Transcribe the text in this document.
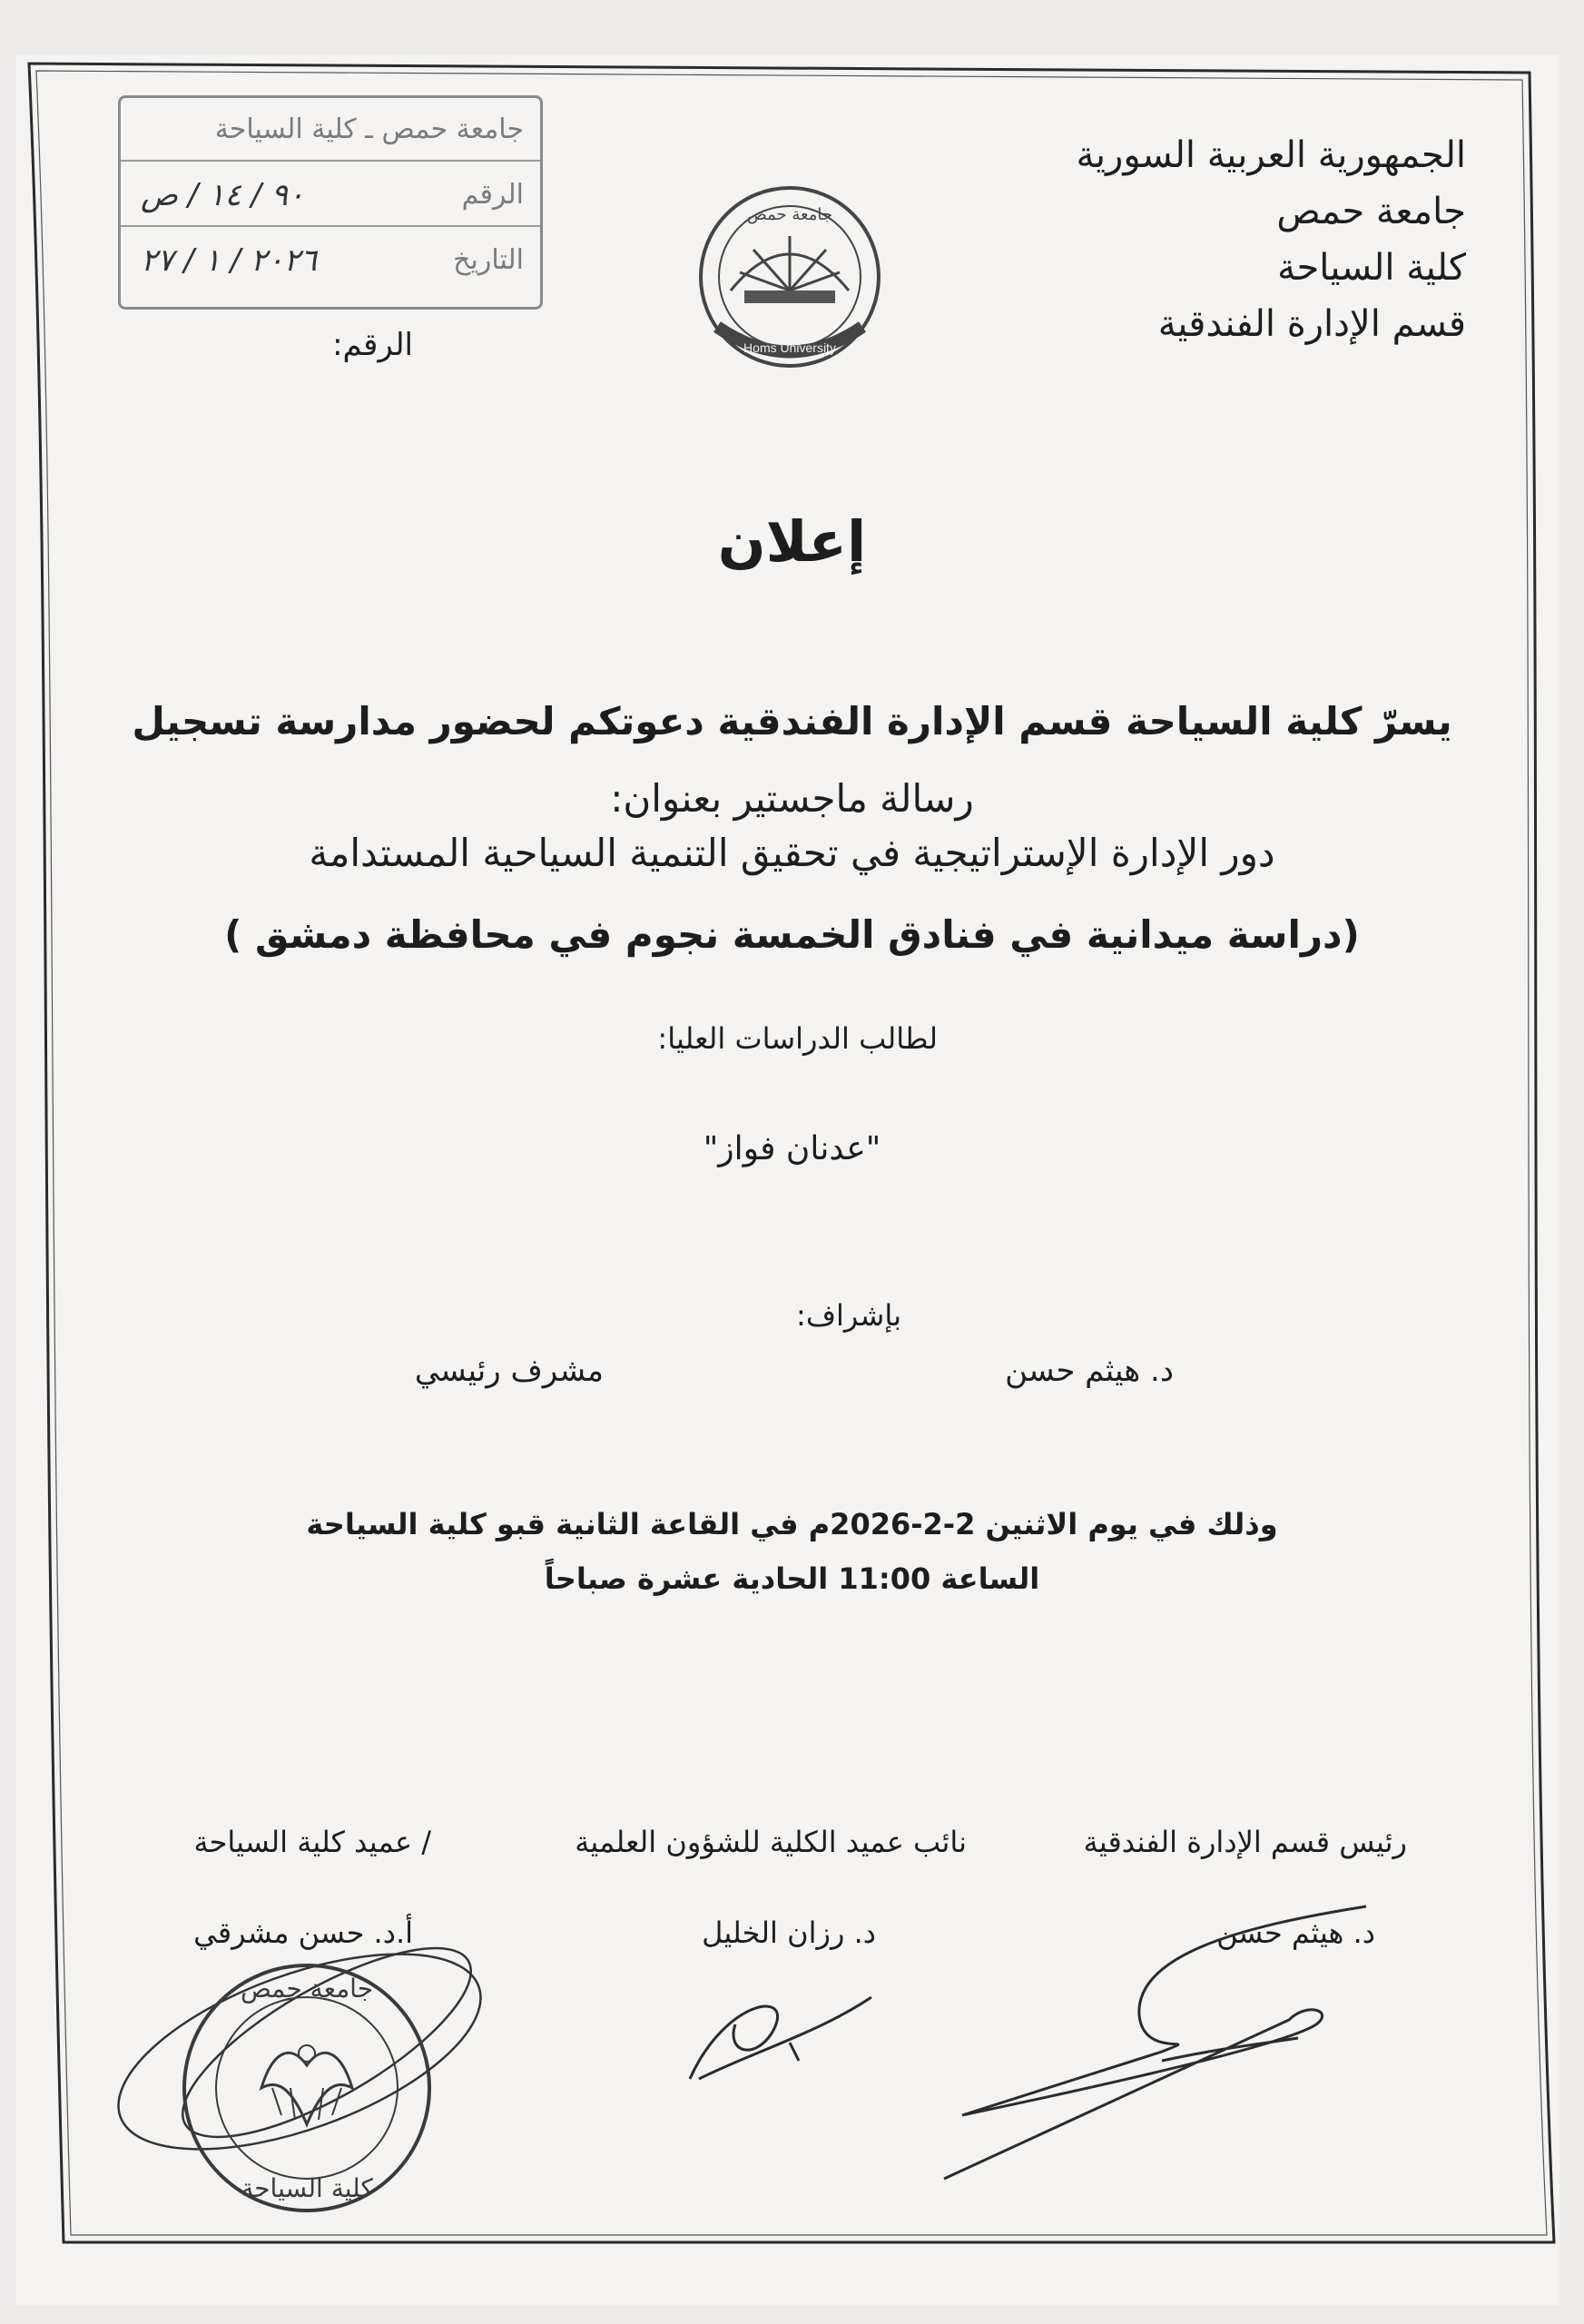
الجمهورية العربية السورية
جامعة حمص
كلية السياحة
قسم الإدارة الفندقية
جامعة حمص ـ كلية السياحة
الرقم
٩٠ / ١٤ / ص
التاريخ
٢٠٢٦ / ١ / ٢٧
الرقم:	Homs University
جامعة حمص
إعلان
يسرّ كلية السياحة قسم الإدارة الفندقية دعوتكم لحضور مدارسة تسجيل
رسالة ماجستير بعنوان:
دور الإدارة الإستراتيجية في تحقيق التنمية السياحية المستدامة
(دراسة ميدانية في فنادق الخمسة نجوم في محافظة دمشق )
لطالب الدراسات العليا:
"عدنان فواز"
بإشراف:
د. هيثم حسن
مشرف رئيسي
وذلك في يوم الاثنين 2-2-2026م في القاعة الثانية قبو كلية السياحة
الساعة 11:00 الحادية عشرة صباحاً
رئيس قسم الإدارة الفندقية
نائب عميد الكلية للشؤون العلمية
/ عميد كلية السياحة
د. هيثم حسن
د. رزان الخليل
أ.د. حسن مشرقي
جامعة حمص
كلية السياحة
